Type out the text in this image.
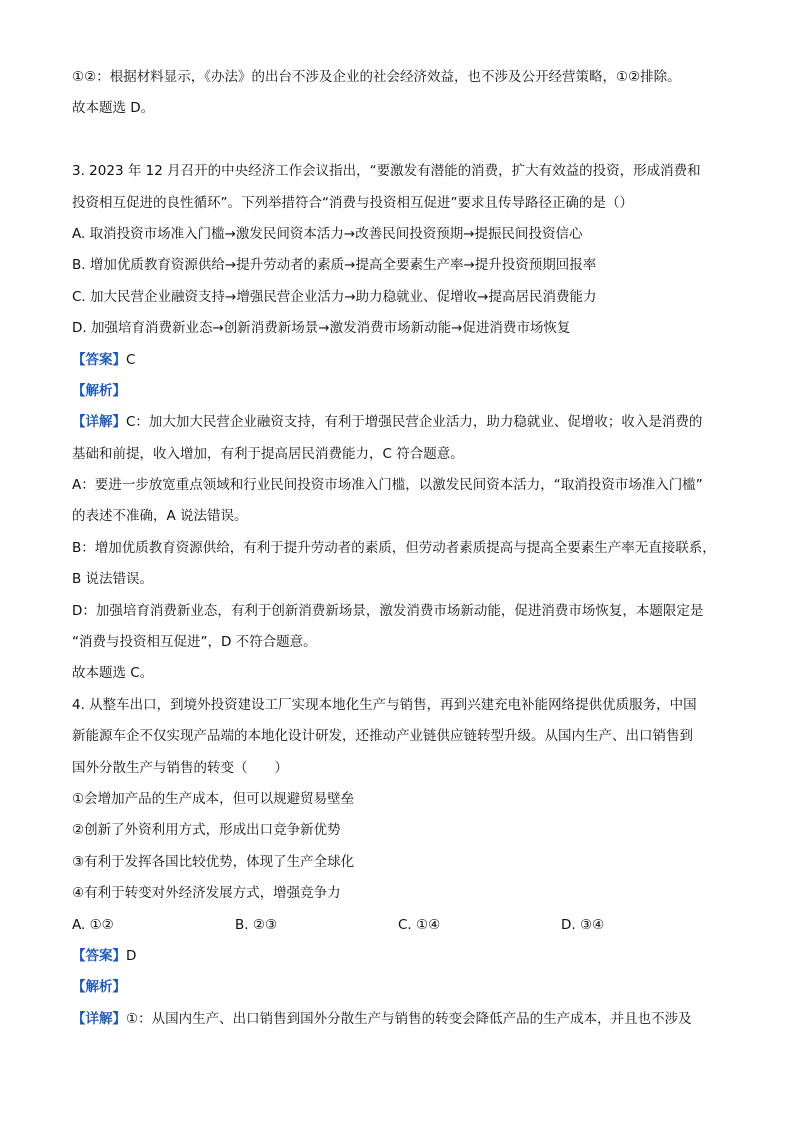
①②：根据材料显示，《办法》的出台不涉及企业的社会经济效益，也不涉及公开经营策略，①②排除。
故本题选 D。
3. 2023 年 12 月召开的中央经济工作会议指出，“要激发有潜能的消费，扩大有效益的投资，形成消费和
投资相互促进的良性循环”。下列举措符合“消费与投资相互促进”要求且传导路径正确的是（）
A. 取消投资市场准入门槛→激发民间资本活力→改善民间投资预期→提振民间投资信心
B. 增加优质教育资源供给→提升劳动者的素质→提高全要素生产率→提升投资预期回报率
C. 加大民营企业融资支持→增强民营企业活力→助力稳就业、促增收→提高居民消费能力
D. 加强培育消费新业态→创新消费新场景→激发消费市场新动能→促进消费市场恢复
【答案】C
【解析】
【详解】C：加大加大民营企业融资支持，有利于增强民营企业活力，助力稳就业、促增收；收入是消费的
基础和前提，收入增加，有利于提高居民消费能力，C 符合题意。
A：要进一步放宽重点领域和行业民间投资市场准入门槛，以激发民间资本活力，“取消投资市场准入门槛”
的表述不准确，A 说法错误。
B：增加优质教育资源供给，有利于提升劳动者的素质，但劳动者素质提高与提高全要素生产率无直接联系，
B 说法错误。
D：加强培育消费新业态，有利于创新消费新场景，激发消费市场新动能，促进消费市场恢复，本题限定是
“消费与投资相互促进”，D 不符合题意。
故本题选 C。
4. 从整车出口，到境外投资建设工厂实现本地化生产与销售，再到兴建充电补能网络提供优质服务，中国
新能源车企不仅实现产品端的本地化设计研发，还推动产业链供应链转型升级。从国内生产、出口销售到
国外分散生产与销售的转变（　　）
①会增加产品的生产成本，但可以规避贸易壁垒
②创新了外资利用方式，形成出口竞争新优势
③有利于发挥各国比较优势，体现了生产全球化
④有利于转变对外经济发展方式，增强竞争力
A. ①②	B. ②③	C. ①④	D. ③④
【答案】D
【解析】
【详解】①：从国内生产、出口销售到国外分散生产与销售的转变会降低产品的生产成本，并且也不涉及
